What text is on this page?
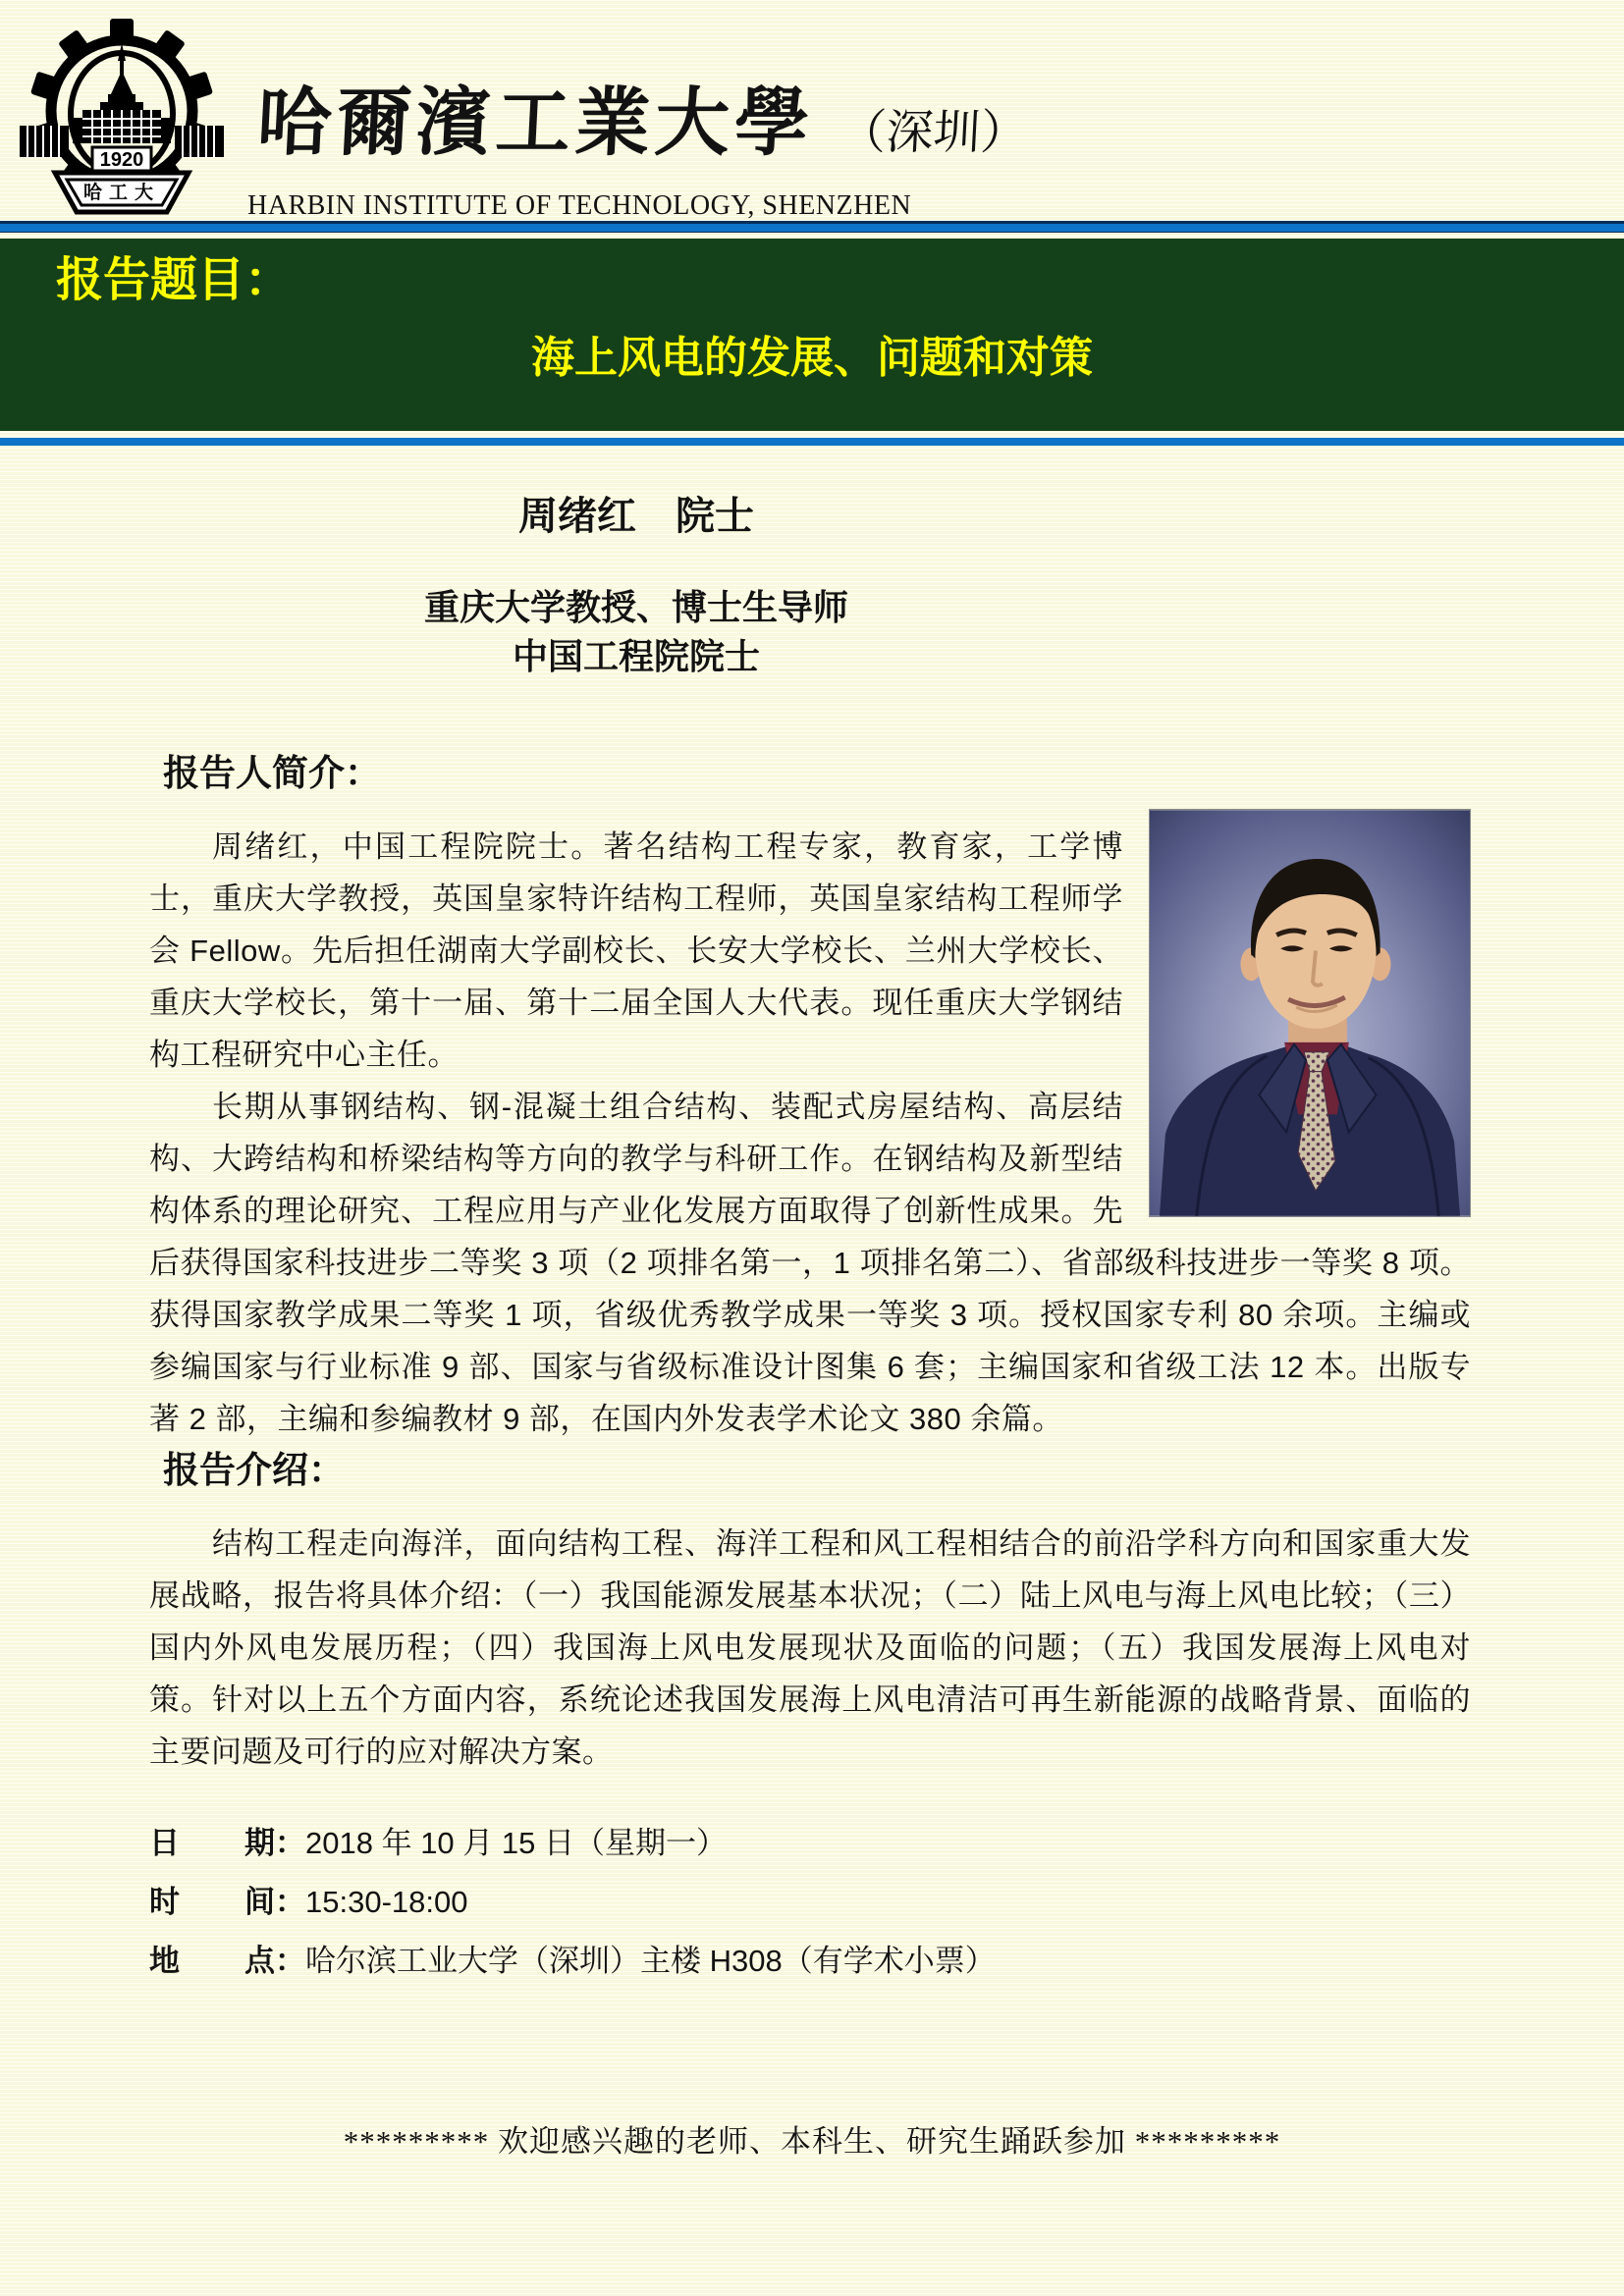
1920
哈工大
哈爾濱工業大學 （深圳）
HARBIN INSTITUTE OF TECHNOLOGY, SHENZHEN
报告题目：
海上风电的发展、问题和对策

周绪红　院士

重庆大学教授、博士生导师

中国工程院院士

报告人简介：

周绪红，中国工程院院士。著名结构工程专家，教育家，工学博士，重庆大学教授，英国皇家特许结构工程师，英国皇家结构工程师学会 Fellow。先后担任湖南大学副校长、长安大学校长、兰州大学校长、重庆大学校长，第十一届、第十二届全国人大代表。现任重庆大学钢结构工程研究中心主任。

长期从事钢结构、钢-混凝土组合结构、装配式房屋结构、高层结构、大跨结构和桥梁结构等方向的教学与科研工作。在钢结构及新型结构体系的理论研究、工程应用与产业化发展方面取得了创新性成果。先后获得国家科技进步二等奖 3 项（2 项排名第一，1 项排名第二）、省部级科技进步一等奖 8 项。获得国家教学成果二等奖 1 项，省级优秀教学成果一等奖 3 项。授权国家专利 80 余项。主编或参编国家与行业标准 9 部、国家与省级标准设计图集 6 套；主编国家和省级工法 12 本。出版专著 2 部，主编和参编教材 9 部，在国内外发表学术论文 380 余篇。

报告介绍：

结构工程走向海洋，面向结构工程、海洋工程和风工程相结合的前沿学科方向和国家重大发展战略，报告将具体介绍：（一）我国能源发展基本状况；（二）陆上风电与海上风电比较；（三）国内外风电发展历程；（四）我国海上风电发展现状及面临的问题；（五）我国发展海上风电对策。针对以上五个方面内容，系统论述我国发展海上风电清洁可再生新能源的战略背景、面临的主要问题及可行的应对解决方案。

日 期：2018 年 10 月 15 日（星期一）
时 间：15:30-18:00
地 点：哈尔滨工业大学（深圳）主楼 H308（有学术小票）
********* 欢迎感兴趣的老师、本科生、研究生踊跃参加 *********
